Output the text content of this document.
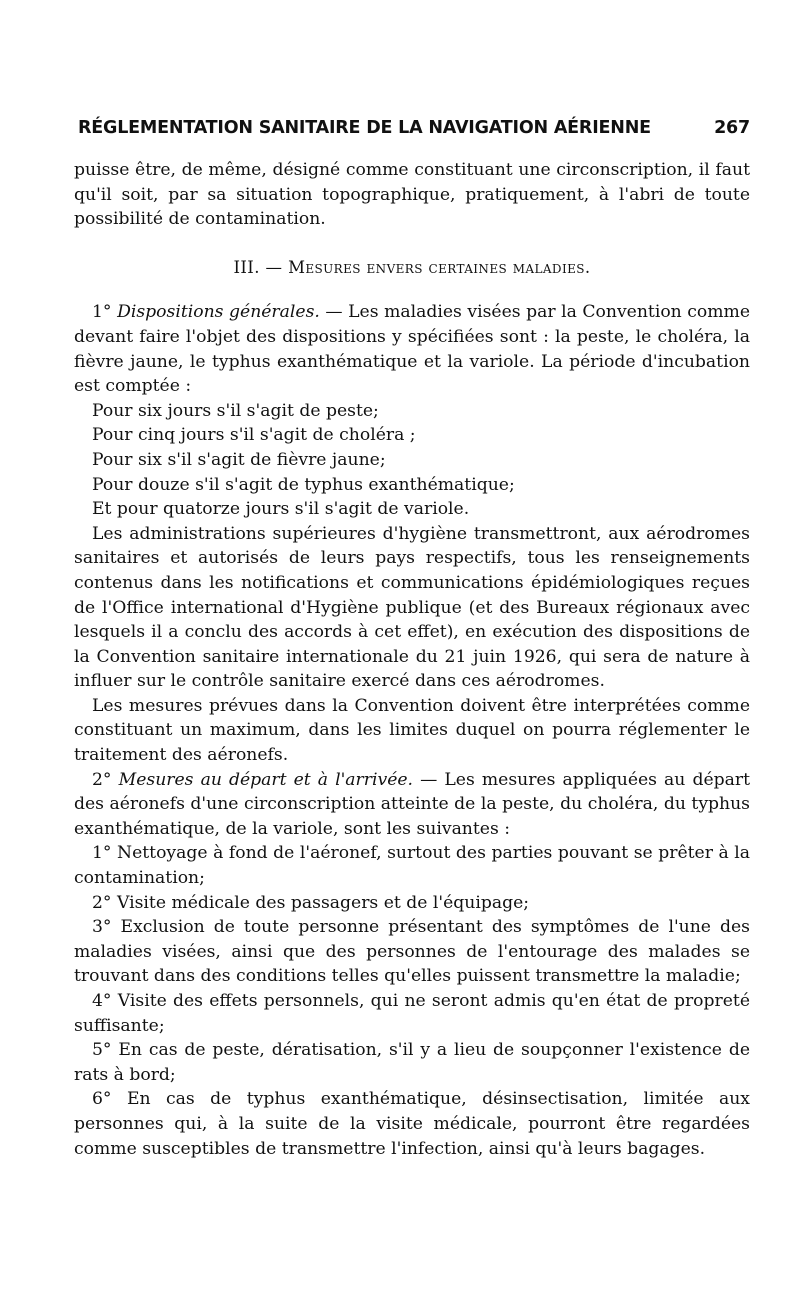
RÉGLEMENTATION SANITAIRE DE LA NAVIGATION AÉRIENNE	267

puisse être, de même, désigné comme constituant une circonscription, il faut qu'il soit, par sa situation topographique, pratiquement, à l'abri de toute possibilité de contamination.

III. — Mesures envers certaines maladies.

1° Dispositions générales. — Les maladies visées par la Convention comme devant faire l'objet des dispositions y spécifiées sont : la peste, le choléra, la fièvre jaune, le typhus exanthématique et la variole. La période d'incubation est comptée :

Pour six jours s'il s'agit de peste;

Pour cinq jours s'il s'agit de choléra ;

Pour six s'il s'agit de fièvre jaune;

Pour douze s'il s'agit de typhus exanthématique;

Et pour quatorze jours s'il s'agit de variole.

Les administrations supérieures d'hygiène transmettront, aux aérodromes sanitaires et autorisés de leurs pays respectifs, tous les renseignements contenus dans les notifications et communications épidémiologiques reçues de l'Office international d'Hygiène publique (et des Bureaux régionaux avec lesquels il a conclu des accords à cet effet), en exécution des dispositions de la Convention sanitaire internationale du 21 juin 1926, qui sera de nature à influer sur le contrôle sanitaire exercé dans ces aérodromes.

Les mesures prévues dans la Convention doivent être interprétées comme constituant un maximum, dans les limites duquel on pourra réglementer le traitement des aéronefs.

2° Mesures au départ et à l'arrivée. — Les mesures appliquées au départ des aéronefs d'une circonscription atteinte de la peste, du choléra, du typhus exanthématique, de la variole, sont les suivantes :

1° Nettoyage à fond de l'aéronef, surtout des parties pouvant se prêter à la contamination;

2° Visite médicale des passagers et de l'équipage;

3° Exclusion de toute personne présentant des symptômes de l'une des maladies visées, ainsi que des personnes de l'entourage des malades se trouvant dans des conditions telles qu'elles puissent transmettre la maladie;

4° Visite des effets personnels, qui ne seront admis qu'en état de propreté suffisante;

5° En cas de peste, dératisation, s'il y a lieu de soupçonner l'existence de rats à bord;

6° En cas de typhus exanthématique, désinsectisation, limitée aux personnes qui, à la suite de la visite médicale, pourront être regardées comme susceptibles de transmettre l'infection, ainsi qu'à leurs bagages.
